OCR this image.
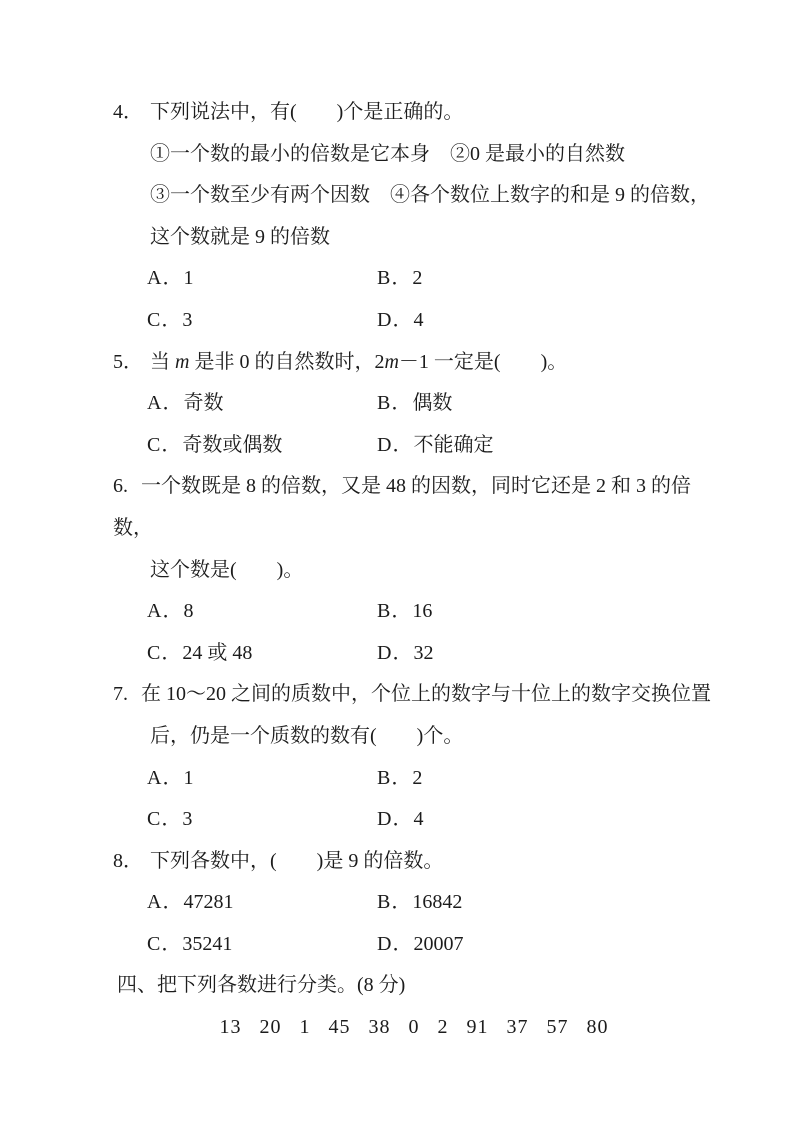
4． 下列说法中，有(　　)个是正确的。
①一个数的最小的倍数是它本身　②0 是最小的自然数
③一个数至少有两个因数　④各个数位上数字的和是 9 的倍数，
这个数就是 9 的倍数
A．1	B．2
C．3	D．4
5． 当 m 是非 0 的自然数时，2m－1 一定是(　　)。
A．奇数	B．偶数
C．奇数或偶数	D．不能确定
6. 一个数既是 8 的倍数，又是 48 的因数，同时它还是 2 和 3 的倍数，
这个数是(　　)。
A．8	B．16
C．24 或 48	D．32
7. 在 10～20 之间的质数中，个位上的数字与十位上的数字交换位置
后，仍是一个质数的数有(　　)个。
A．1	B．2
C．3	D．4
8． 下列各数中，(　　)是 9 的倍数。
A．47281	B．16842
C．35241	D．20007
四、把下列各数进行分类。(8 分)
13   20   1   45   38   0   2   91   37   57   80
